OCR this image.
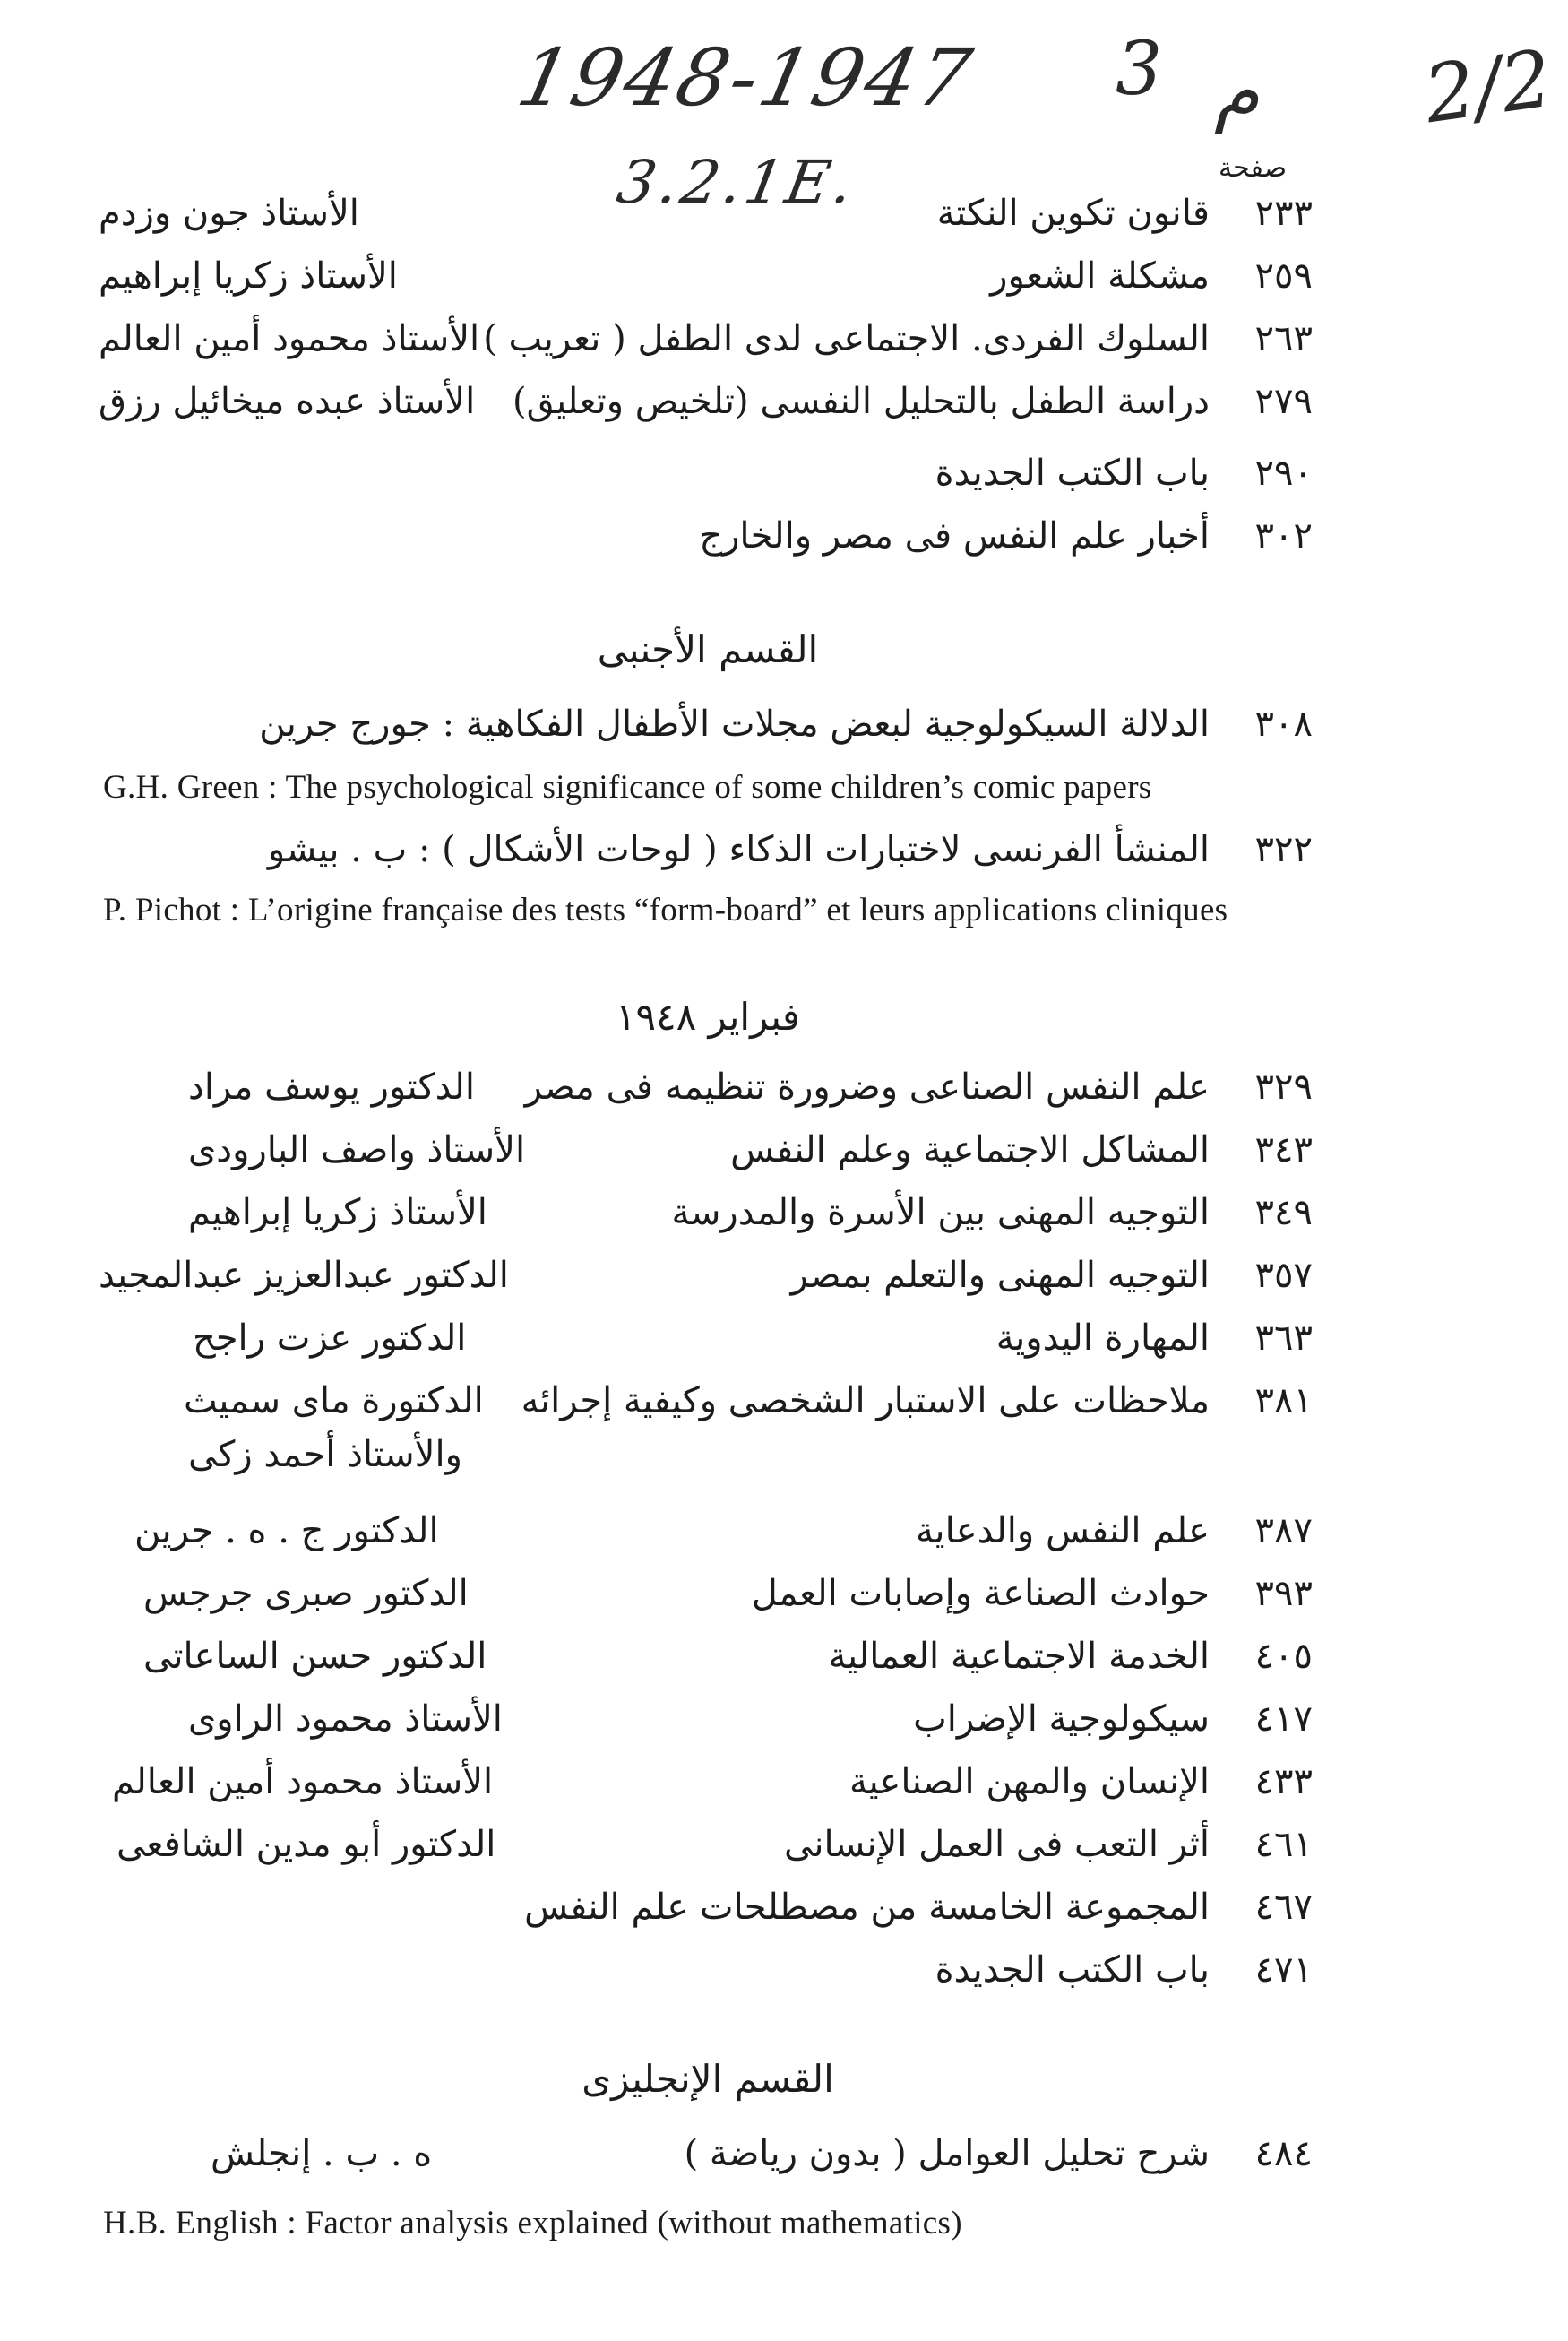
1948-1947 3 م 2/2
3.2.1E.	صفحة
٢٣٣
قانون تكوين النكتة
الأستاذ جون وزدم
٢٥٩
مشكلة الشعور
الأستاذ زكريا إبراهيم
٢٦٣
السلوك الفردى. الاجتماعى لدى الطفل ( تعريب )
الأستاذ محمود أمين العالم
٢٧٩
دراسة الطفل بالتحليل النفسى (تلخيص وتعليق)
الأستاذ عبده ميخائيل رزق
٢٩٠
باب الكتب الجديدة
٣٠٢
أخبار علم النفس فى مصر والخارج
القسم الأجنبى
٣٠٨
الدلالة السيكولوجية لبعض مجلات الأطفال الفكاهية : جورج جرين
G.H. Green : The psychological significance of some children’s comic papers
٣٢٢
المنشأ الفرنسى لاختبارات الذكاء ( لوحات الأشكال ) : ب . بيشو
P. Pichot : L’origine française des tests “form-board” et leurs applications cliniques
فبراير ١٩٤٨
٣٢٩
علم النفس الصناعى وضرورة تنظيمه فى مصر
الدكتور يوسف مراد
٣٤٣
المشاكل الاجتماعية وعلم النفس
الأستاذ واصف البارودى
٣٤٩
التوجيه المهنى بين الأسرة والمدرسة
الأستاذ زكريا إبراهيم
٣٥٧
التوجيه المهنى والتعلم بمصر
الدكتور عبدالعزيز عبدالمجيد
٣٦٣
المهارة اليدوية
الدكتور عزت راجح
٣٨١
ملاحظات على الاستبار الشخصى وكيفية إجرائه
الدكتورة ماى سميث
والأستاذ أحمد زكى
٣٨٧
علم النفس والدعاية
الدكتور ج . ه . جرين
٣٩٣
حوادث الصناعة وإصابات العمل
الدكتور صبرى جرجس
٤٠٥
الخدمة الاجتماعية العمالية
الدكتور حسن الساعاتى
٤١٧
سيكولوجية الإضراب
الأستاذ محمود الراوى
٤٣٣
الإنسان والمهن الصناعية
الأستاذ محمود أمين العالم
٤٦١
أثر التعب فى العمل الإنسانى
الدكتور أبو مدين الشافعى
٤٦٧
المجموعة الخامسة من مصطلحات علم النفس
٤٧١
باب الكتب الجديدة
القسم الإنجليزى
٤٨٤
شرح تحليل العوامل ( بدون رياضة )
ه . ب . إنجلش
H.B. English : Factor analysis explained (without mathematics)
